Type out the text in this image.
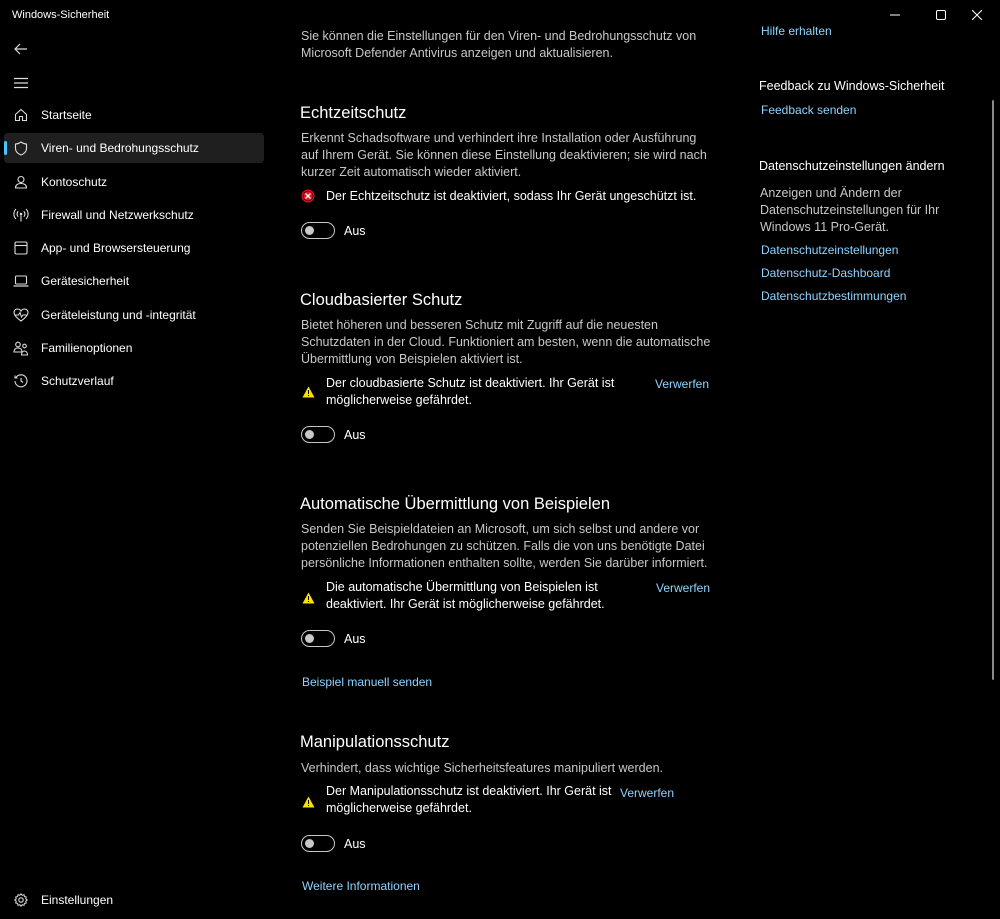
Windows-Sicherheit
Startseite
Viren- und Bedrohungsschutz
Kontoschutz
Firewall und Netzwerkschutz
App- und Browsersteuerung
Gerätesicherheit
Geräteleistung und -integrität
Familienoptionen
Schutzverlauf
Einstellungen
Sie können die Einstellungen für den Viren- und Bedrohungsschutz von
Microsoft Defender Antivirus anzeigen und aktualisieren.
Echtzeitschutz
Erkennt Schadsoftware und verhindert ihre Installation oder Ausführung
auf Ihrem Gerät. Sie können diese Einstellung deaktivieren; sie wird nach
kurzer Zeit automatisch wieder aktiviert.
Der Echtzeitschutz ist deaktiviert, sodass Ihr Gerät ungeschützt ist.
Aus
Cloudbasierter Schutz
Bietet höheren und besseren Schutz mit Zugriff auf die neuesten
Schutzdaten in der Cloud. Funktioniert am besten, wenn die automatische
Übermittlung von Beispielen aktiviert ist.
Der cloudbasierte Schutz ist deaktiviert. Ihr Gerät ist
möglicherweise gefährdet.
Verwerfen
Aus
Automatische Übermittlung von Beispielen
Senden Sie Beispieldateien an Microsoft, um sich selbst und andere vor
potenziellen Bedrohungen zu schützen. Falls die von uns benötigte Datei
persönliche Informationen enthalten sollte, werden Sie darüber informiert.
Die automatische Übermittlung von Beispielen ist
deaktiviert. Ihr Gerät ist möglicherweise gefährdet.
Verwerfen
Aus
Beispiel manuell senden
Manipulationsschutz
Verhindert, dass wichtige Sicherheitsfeatures manipuliert werden.
Der Manipulationsschutz ist deaktiviert. Ihr Gerät ist
möglicherweise gefährdet.
Verwerfen
Aus
Weitere Informationen
Hilfe erhalten
Feedback zu Windows-Sicherheit
Feedback senden
Datenschutzeinstellungen ändern
Anzeigen und Ändern der
Datenschutzeinstellungen für Ihr
Windows 11 Pro-Gerät.
Datenschutzeinstellungen
Datenschutz-Dashboard
Datenschutzbestimmungen
